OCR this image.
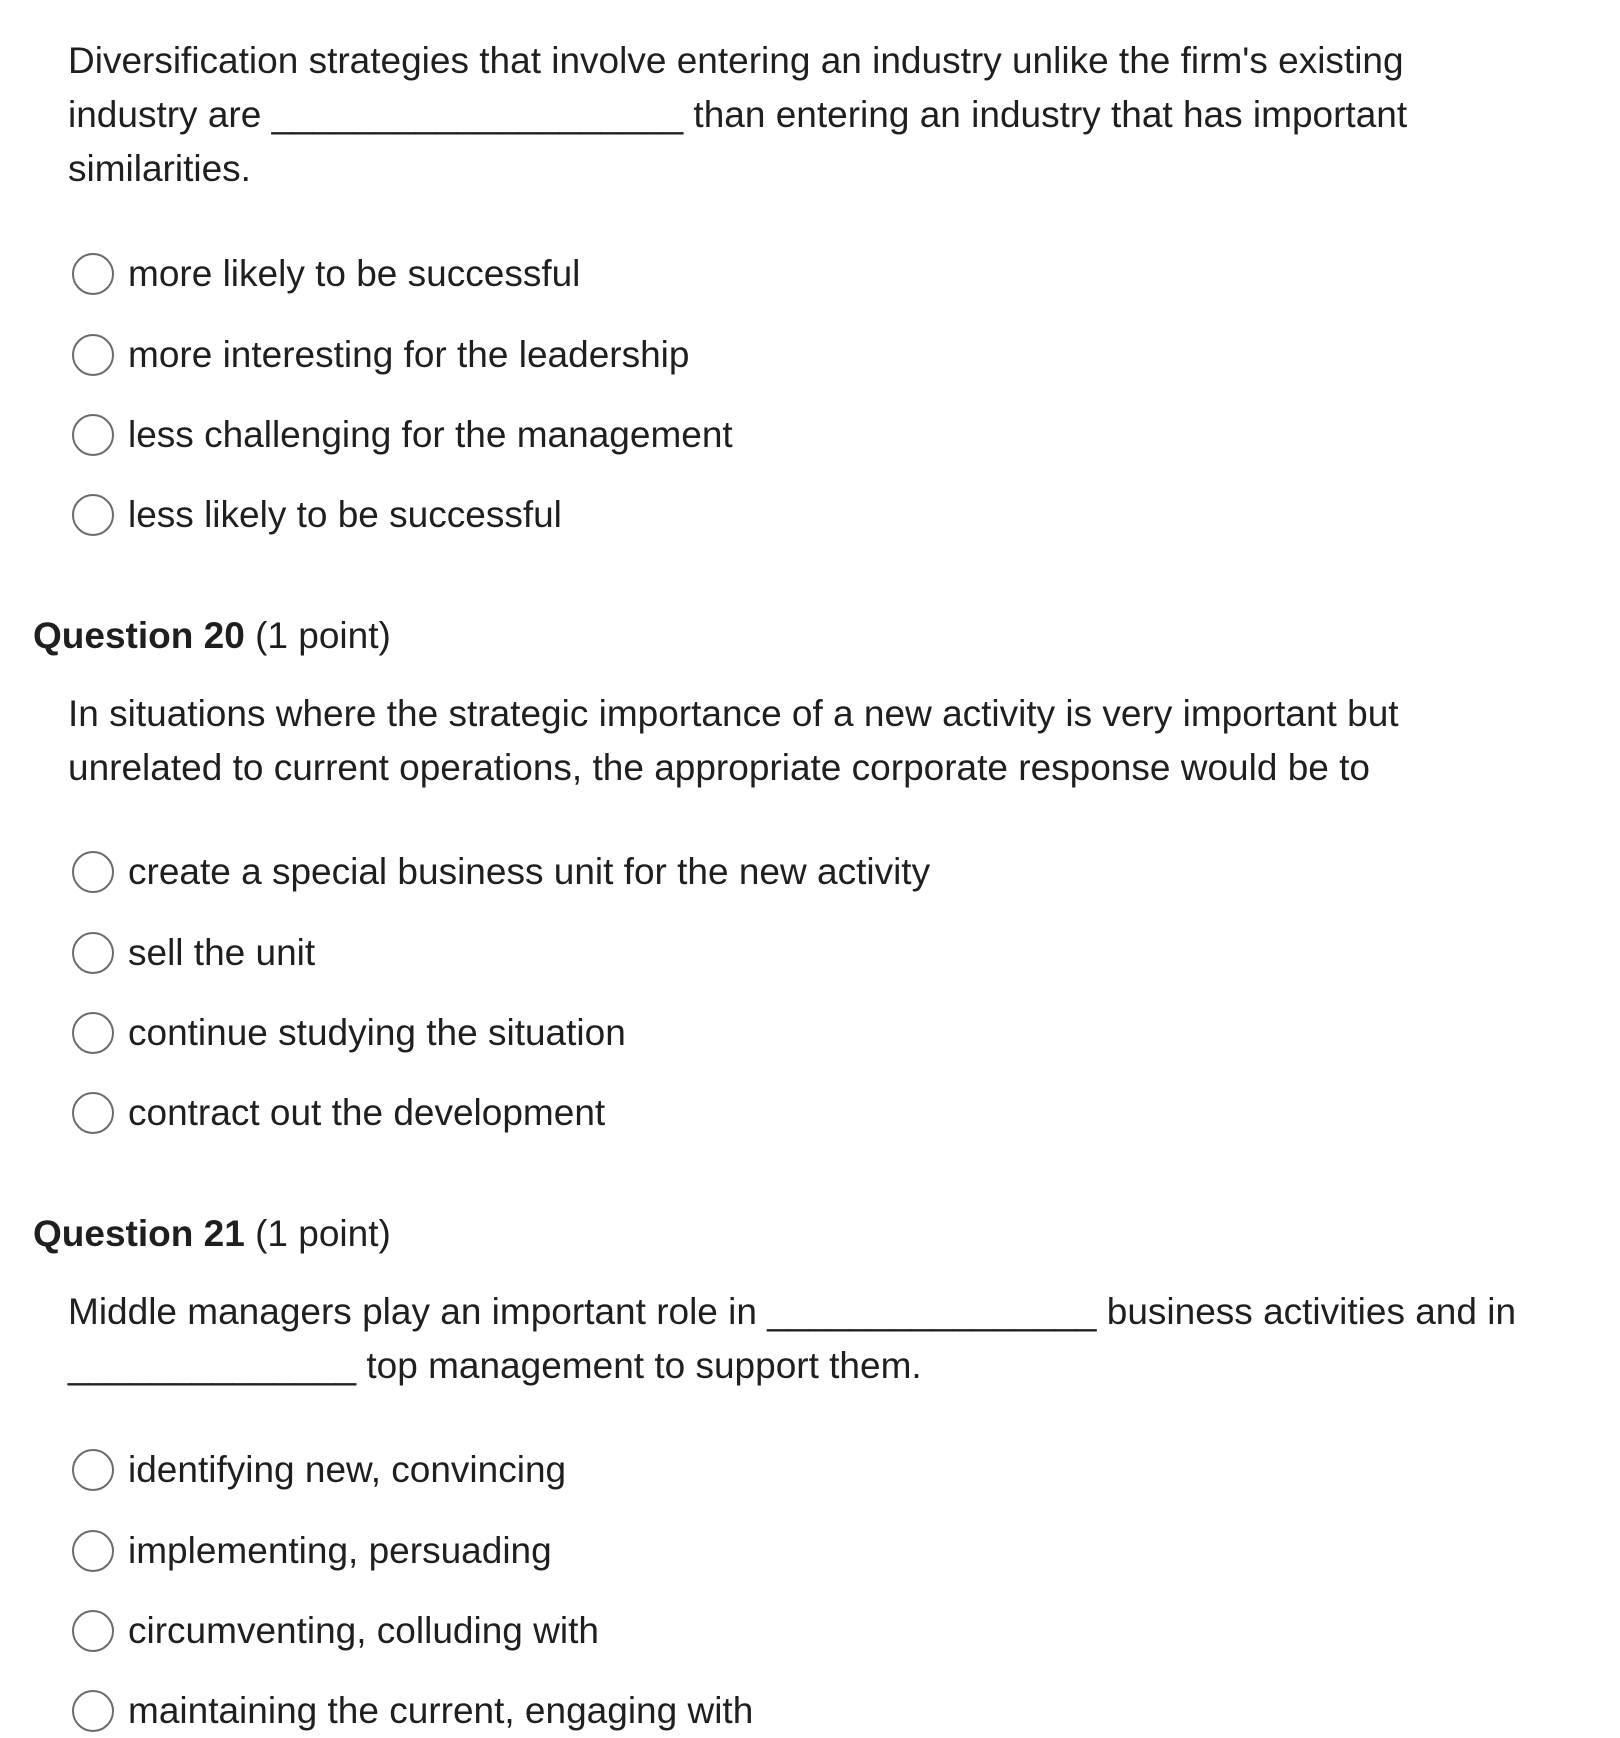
Diversification strategies that involve entering an industry unlike the firm's existing industry are ____________________ than entering an industry that has important similarities.
more likely to be successful
more interesting for the leadership
less challenging for the management
less likely to be successful
Question 20 (1 point)
In situations where the strategic importance of a new activity is very important but unrelated to current operations, the appropriate corporate response would be to
create a special business unit for the new activity
sell the unit
continue studying the situation
contract out the development
Question 21 (1 point)
Middle managers play an important role in ________________ business activities and in ______________ top management to support them.
identifying new, convincing
implementing, persuading
circumventing, colluding with
maintaining the current, engaging with
